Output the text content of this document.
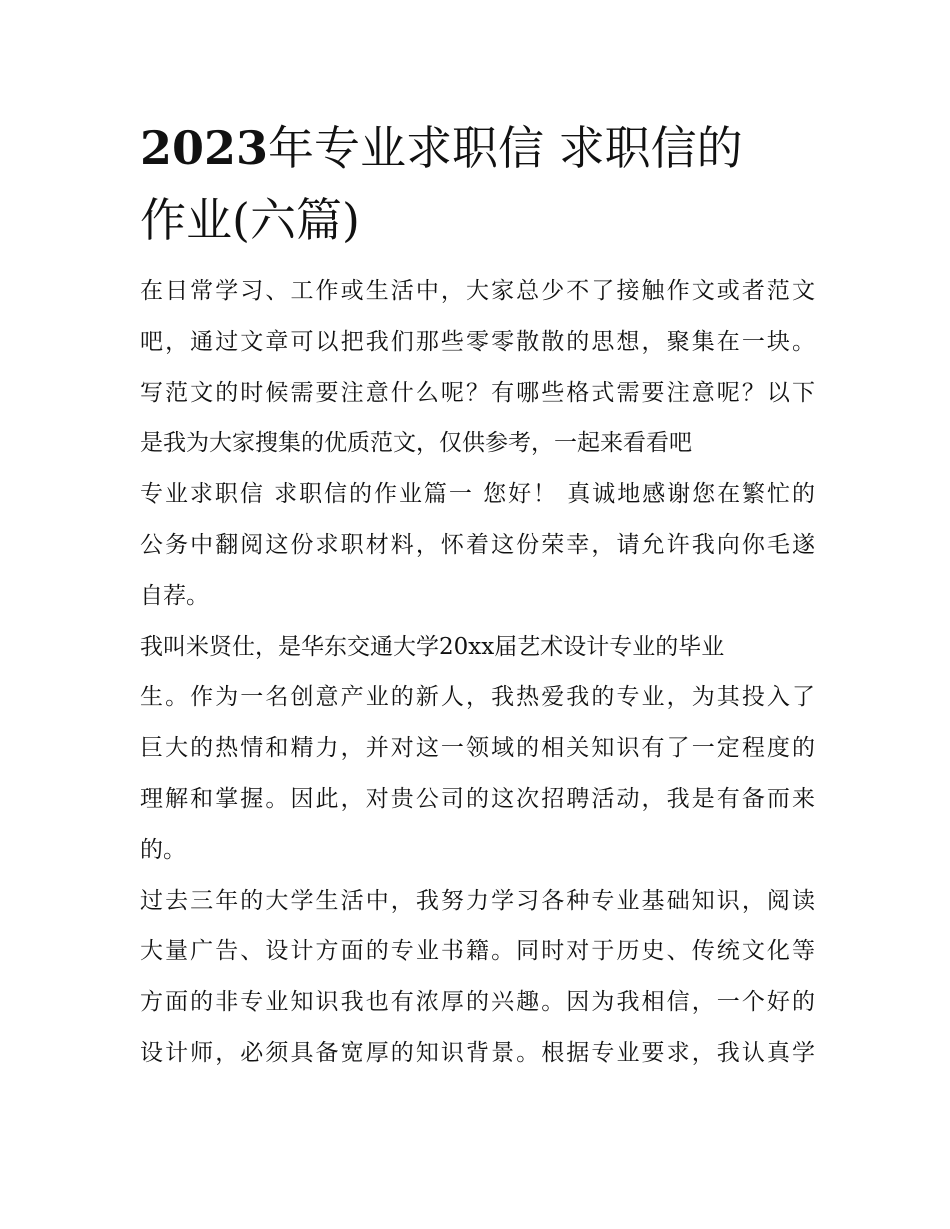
2023年专业求职信 求职信的
作业(六篇)
在日常学习、工作或生活中，大家总少不了接触作文或者范文
吧，通过文章可以把我们那些零零散散的思想，聚集在一块。
写范文的时候需要注意什么呢？有哪些格式需要注意呢？以下
是我为大家搜集的优质范文，仅供参考，一起来看看吧
专业求职信 求职信的作业篇一 您好！ 真诚地感谢您在繁忙的
公务中翻阅这份求职材料，怀着这份荣幸，请允许我向你毛遂
自荐。
我叫米贤仕，是华东交通大学20xx届艺术设计专业的毕业
生。作为一名创意产业的新人，我热爱我的专业，为其投入了
巨大的热情和精力，并对这一领域的相关知识有了一定程度的
理解和掌握。因此，对贵公司的这次招聘活动，我是有备而来
的。
过去三年的大学生活中，我努力学习各种专业基础知识，阅读
大量广告、设计方面的专业书籍。同时对于历史、传统文化等
方面的非专业知识我也有浓厚的兴趣。因为我相信，一个好的
设计师，必须具备宽厚的知识背景。根据专业要求，我认真学
